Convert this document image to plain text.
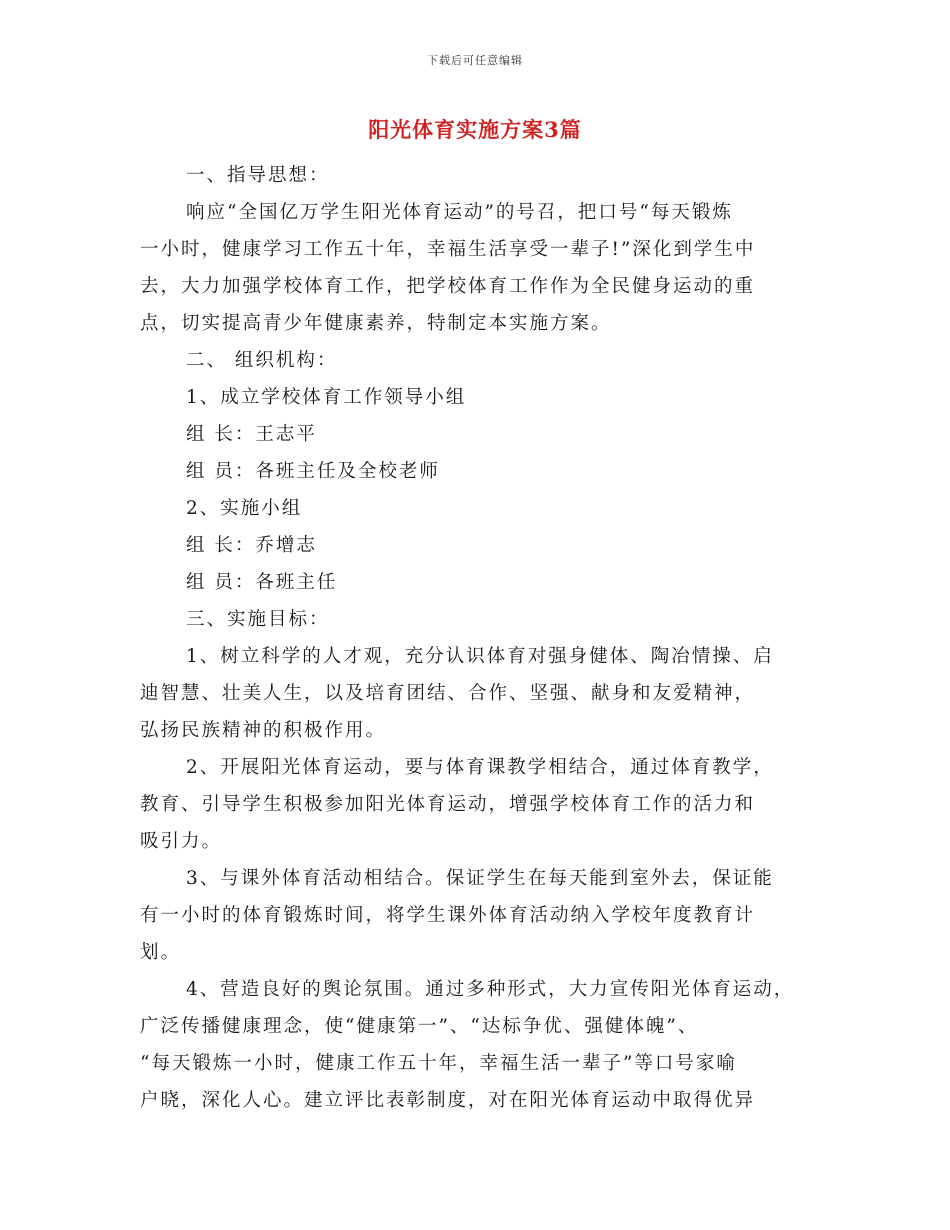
下载后可任意编辑
阳光体育实施方案3篇
一、指导思想：
响应“全国亿万学生阳光体育运动”的号召，把口号“每天锻炼
一小时，健康学习工作五十年，幸福生活享受一辈子!”深化到学生中
去，大力加强学校体育工作，把学校体育工作作为全民健身运动的重
点，切实提高青少年健康素养，特制定本实施方案。
二、 组织机构：
1、成立学校体育工作领导小组
组 长：王志平
组 员：各班主任及全校老师
2、实施小组
组 长：乔增志
组 员：各班主任
三、实施目标：
1、树立科学的人才观，充分认识体育对强身健体、陶冶情操、启
迪智慧、壮美人生，以及培育团结、合作、坚强、献身和友爱精神，
弘扬民族精神的积极作用。
2、开展阳光体育运动，要与体育课教学相结合，通过体育教学，
教育、引导学生积极参加阳光体育运动，增强学校体育工作的活力和
吸引力。
3、与课外体育活动相结合。保证学生在每天能到室外去，保证能
有一小时的体育锻炼时间，将学生课外体育活动纳入学校年度教育计
划。
4、营造良好的舆论氛围。通过多种形式，大力宣传阳光体育运动，
广泛传播健康理念，使“健康第一”、“达标争优、强健体魄”、
“每天锻炼一小时，健康工作五十年，幸福生活一辈子”等口号家喻
户晓，深化人心。建立评比表彰制度，对在阳光体育运动中取得优异
